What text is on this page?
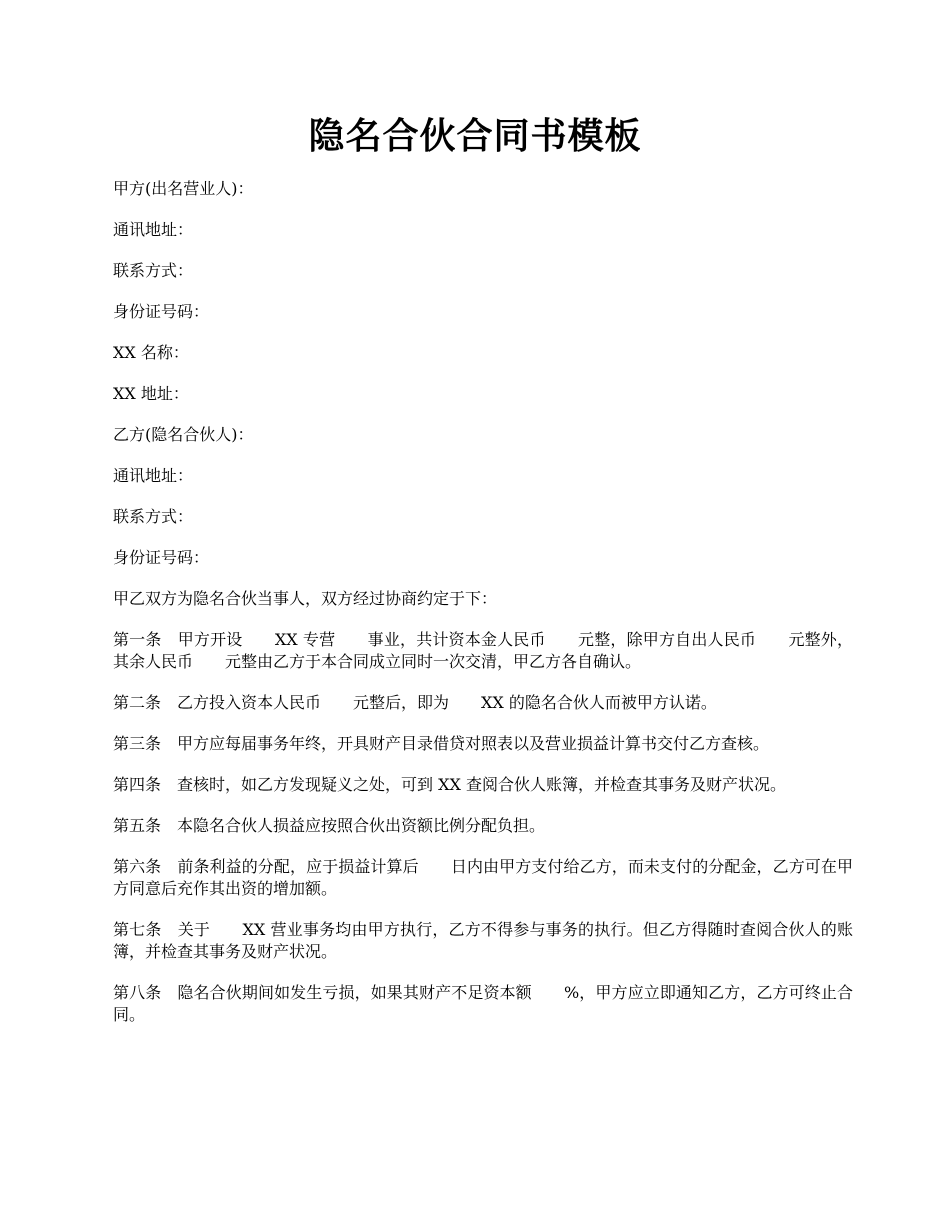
隐名合伙合同书模板
甲方(出名营业人)：
通讯地址：
联系方式：
身份证号码：
XX 名称：
XX 地址：
乙方(隐名合伙人)：
通讯地址：
联系方式：
身份证号码：
甲乙双方为隐名合伙当事人，双方经过协商约定于下：
第一条　甲方开设　　XX 专营　　事业，共计资本金人民币　　元整，除甲方自出人民币　　元整外，其余人民币　　元整由乙方于本合同成立同时一次交清，甲乙方各自确认。
第二条　乙方投入资本人民币　　元整后，即为　　XX 的隐名合伙人而被甲方认诺。
第三条　甲方应每届事务年终，开具财产目录借贷对照表以及营业损益计算书交付乙方查核。
第四条　查核时，如乙方发现疑义之处，可到 XX 查阅合伙人账簿，并检查其事务及财产状况。
第五条　本隐名合伙人损益应按照合伙出资额比例分配负担。
第六条　前条利益的分配，应于损益计算后　　日内由甲方支付给乙方，而未支付的分配金，乙方可在甲方同意后充作其出资的增加额。
第七条　关于　　XX 营业事务均由甲方执行，乙方不得参与事务的执行。但乙方得随时查阅合伙人的账簿，并检查其事务及财产状况。
第八条　隐名合伙期间如发生亏损，如果其财产不足资本额　　%，甲方应立即通知乙方，乙方可终止合同。
